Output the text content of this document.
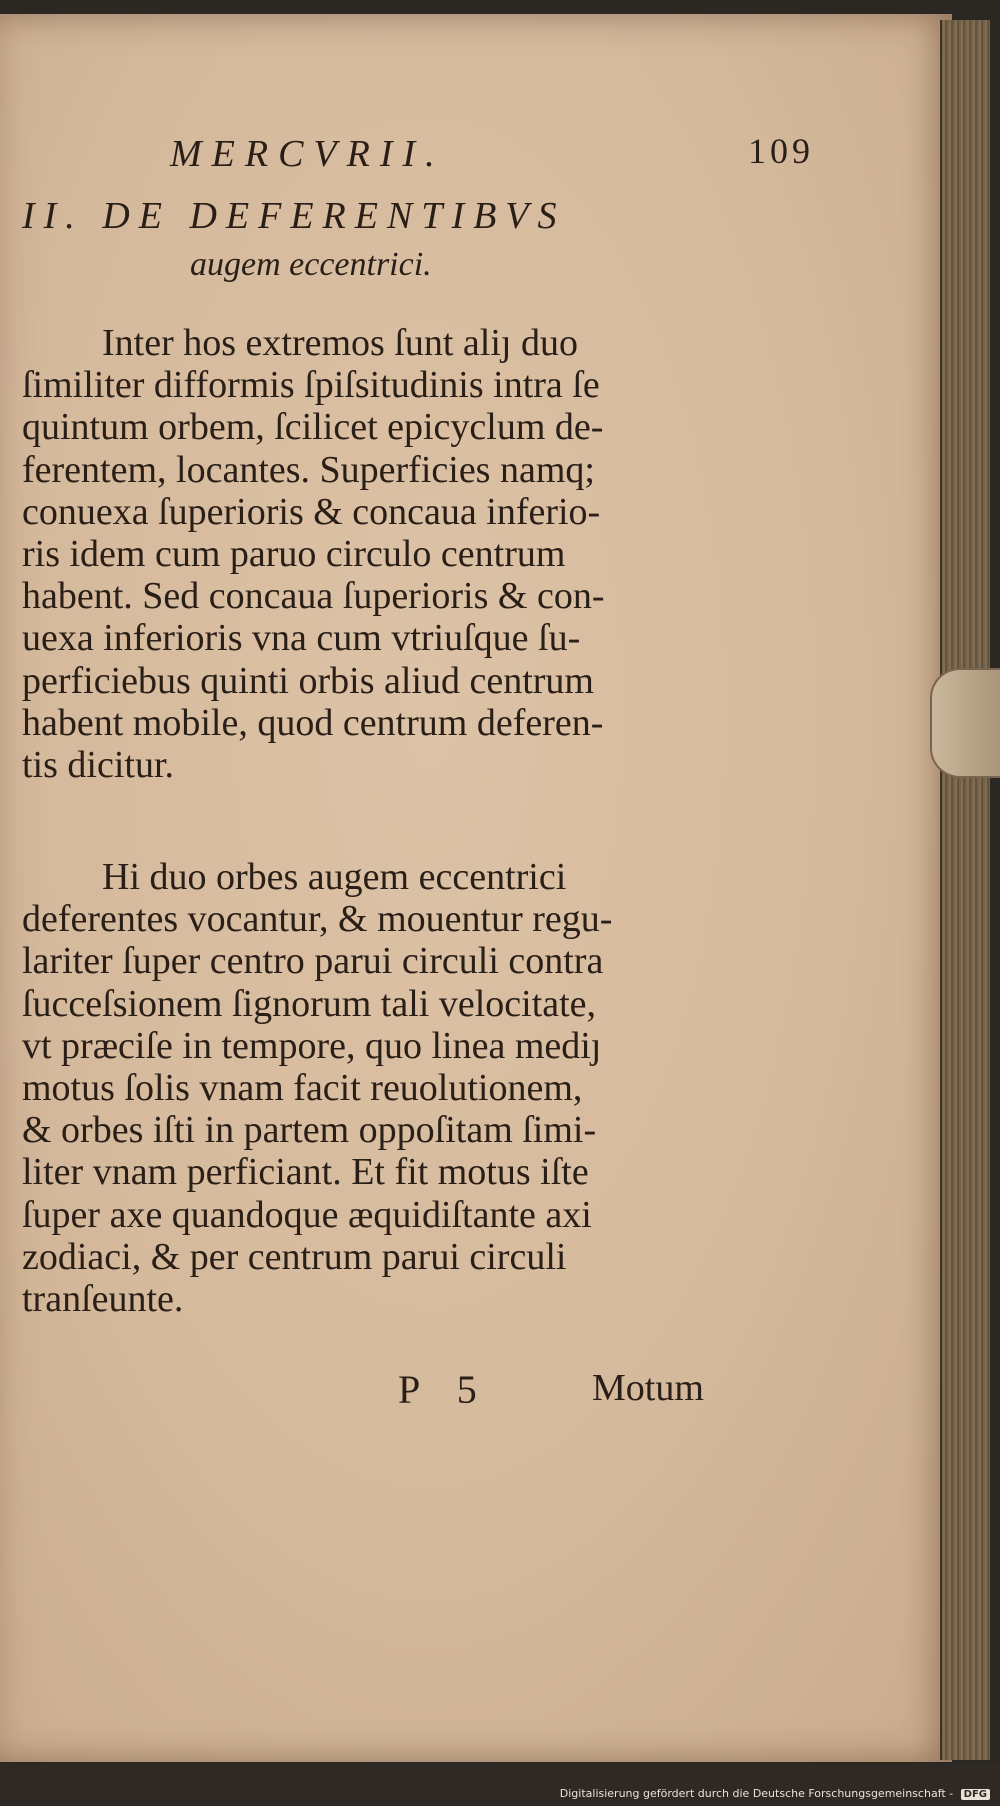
MERCVRII.	109
II. DE DEFERENTIBVS
augem eccentrici.
Inter hos extremos ſunt aliȷ duo
ſimiliter difformis ſpiſsitudinis intra ſe
quintum orbem, ſcilicet epicyclum de-
ferentem, locantes. Superficies namq;
conuexa ſuperioris & concaua inferio-
ris idem cum paruo circulo centrum
habent. Sed concaua ſuperioris & con-
uexa inferioris vna cum vtriuſque ſu-
perficiebus quinti orbis aliud centrum
habent mobile, quod centrum deferen-
tis dicitur.
Hi duo orbes augem eccentrici
deferentes vocantur, & mouentur regu-
lariter ſuper centro parui circuli contra
ſucceſsionem ſignorum tali velocitate,
vt præciſe in tempore, quo linea mediȷ
motus ſolis vnam facit reuolutionem,
& orbes iſti in partem oppoſitam ſimi-
liter vnam perficiant. Et fit motus iſte
ſuper axe quandoque æquidiſtante axi
zodiaci, & per centrum parui circuli
tranſeunte.
P 5	Motum
Digitalisierung gefördert durch die Deutsche Forschungsgemeinschaft - DFG
